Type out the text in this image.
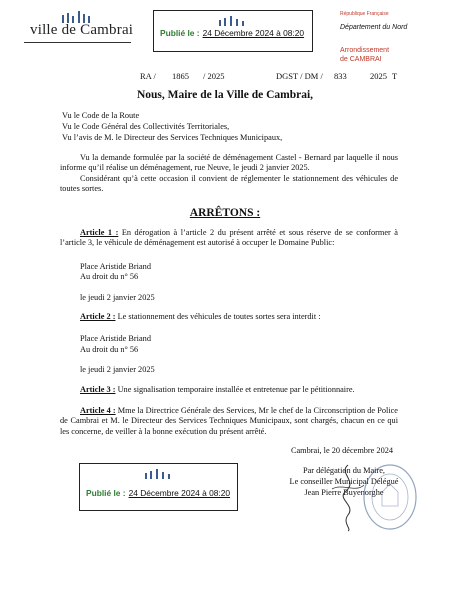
ville de Cambrai	Publié le : 24 Décembre 2024 à 08:20
République Française
Département du Nord
Arrondissement
de CAMBRAI
RA / 1865 / 2025	DGST / DM / 833	2025 T
Nous, Maire de la Ville de Cambrai,
Vu le Code de la Route
Vu le Code Général des Collectivités Territoriales,
Vu l’avis de M. le Directeur des Services Techniques Municipaux,
Vu la demande formulée par la société de déménagement Castel - Bernard par laquelle il nous informe qu’il réalise un déménagement, rue Neuve, le jeudi 2 janvier 2025.
Considérant qu’à cette occasion il convient de réglementer le stationnement des véhicules de toutes sortes.
ARRÊTONS :
Article 1 : En dérogation à l’article 2 du présent arrêté et sous réserve de se conformer à l’article 3, le véhicule de déménagement est autorisé à occuper le Domaine Public:
Place Aristide Briand
Au droit du n° 56
le jeudi 2 janvier 2025
Article 2 : Le stationnement des véhicules de toutes sortes sera interdit :
Place Aristide Briand
Au droit du n° 56
le jeudi 2 janvier 2025
Article 3 : Une signalisation temporaire installée et entretenue par le pétitionnaire.
Article 4 : Mme la Directrice Générale des Services, Mr le chef de la Circonscription de Police de Cambrai et M. le Directeur des Services Techniques Municipaux, sont chargés, chacun en ce qui les concerne, de veiller à la bonne exécution du présent arrêté.
Cambrai, le 20 décembre 2024
Par délégation du Maire,
Le conseiller Municipal Délégué
Jean Pierre Buyenorghe
Publié le : 24 Décembre 2024 à 08:20
